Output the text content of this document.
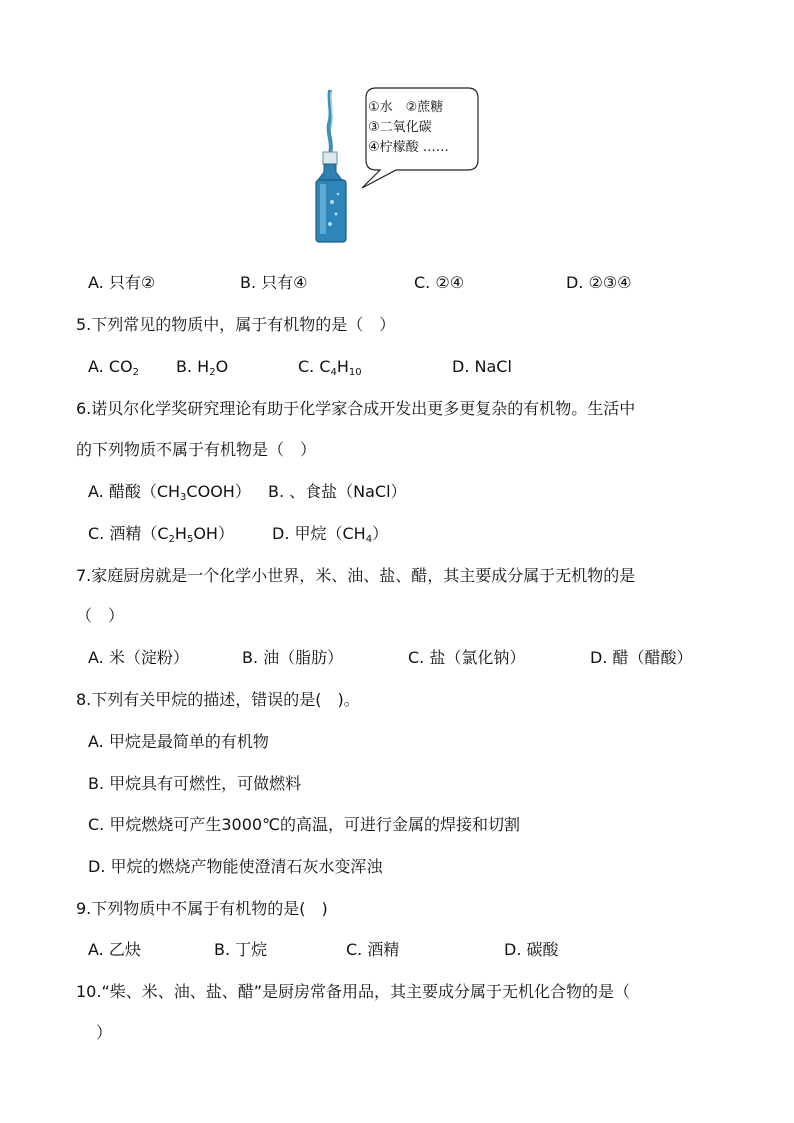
①水　②蔗糖
③二氧化碳
④柠檬酸 ……
A. 只有②	B. 只有④	C. ②④	D. ②③④
5.下列常见的物质中，属于有机物的是（　）
A. $CO_2$ B. $H_2O$	C. $C_4H_{10}$	D. NaCl
6.诺贝尔化学奖研究理论有助于化学家合成开发出更多更复杂的有机物。生活中
的下列物质不属于有机物是（　）
A. 醋酸$(CH_3COOH)$ B. 、食盐（NaCl）
C. 酒精$(C_2H_5OH)$ D. 甲烷$(CH_4)$
7.家庭厨房就是一个化学小世界，米、油、盐、醋，其主要成分属于无机物的是
（　）
A. 米（淀粉）	B. 油（脂肪）	C. 盐（氯化钠）	D. 醋（醋酸）
8.下列有关甲烷的描述，错误的是(　)。
A. 甲烷是最简单的有机物
B. 甲烷具有可燃性，可做燃料
C. 甲烷燃烧可产生3000℃的高温，可进行金属的焊接和切割
D. 甲烷的燃烧产物能使澄清石灰水变浑浊
9.下列物质中不属于有机物的是(　)
A. 乙炔	B. 丁烷	C. 酒精	D. 碳酸
10.“柴、米、油、盐、醋”是厨房常备用品，其主要成分属于无机化合物的是（
）
